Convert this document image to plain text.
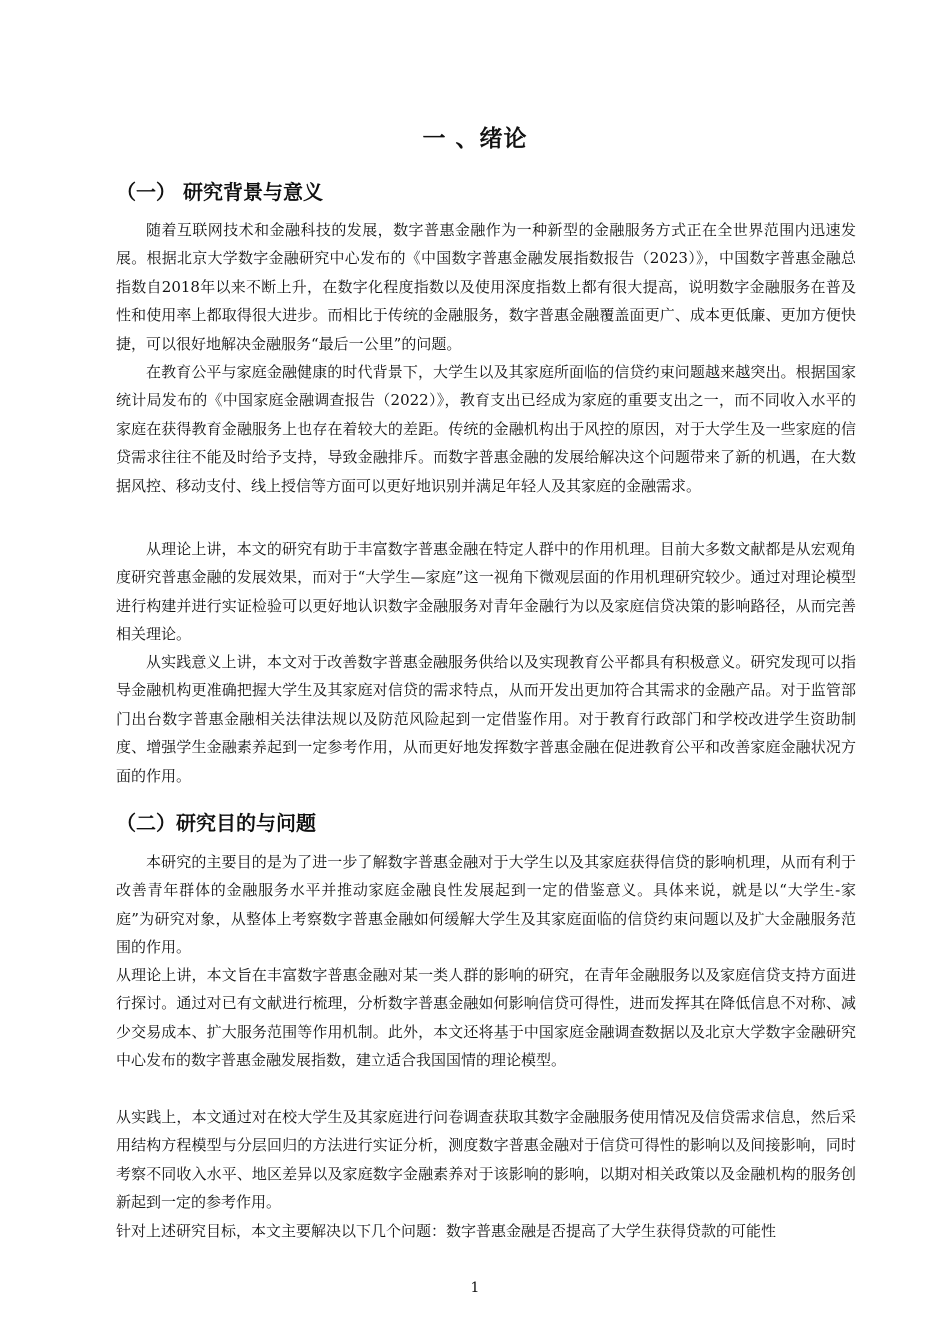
一 、绪论
（一） 研究背景与意义

随着互联网技术和金融科技的发展，数字普惠金融作为一种新型的金融服务方式正在全世界范围内迅速发展。根据北京大学数字金融研究中心发布的《中国数字普惠金融发展指数报告（2023）》，中国数字普惠金融总指数自2018年以来不断上升，在数字化程度指数以及使用深度指数上都有很大提高，说明数字金融服务在普及性和使用率上都取得很大进步。而相比于传统的金融服务，数字普惠金融覆盖面更广、成本更低廉、更加方便快捷，可以很好地解决金融服务“最后一公里”的问题。

在教育公平与家庭金融健康的时代背景下，大学生以及其家庭所面临的信贷约束问题越来越突出。根据国家统计局发布的《中国家庭金融调查报告（2022）》，教育支出已经成为家庭的重要支出之一，而不同收入水平的家庭在获得教育金融服务上也存在着较大的差距。传统的金融机构出于风控的原因，对于大学生及一些家庭的信贷需求往往不能及时给予支持，导致金融排斥。而数字普惠金融的发展给解决这个问题带来了新的机遇，在大数据风控、移动支付、线上授信等方面可以更好地识别并满足年轻人及其家庭的金融需求。

从理论上讲，本文的研究有助于丰富数字普惠金融在特定人群中的作用机理。目前大多数文献都是从宏观角度研究普惠金融的发展效果，而对于“大学生—家庭”这一视角下微观层面的作用机理研究较少。通过对理论模型进行构建并进行实证检验可以更好地认识数字金融服务对青年金融行为以及家庭信贷决策的影响路径，从而完善相关理论。

从实践意义上讲，本文对于改善数字普惠金融服务供给以及实现教育公平都具有积极意义。研究发现可以指导金融机构更准确把握大学生及其家庭对信贷的需求特点，从而开发出更加符合其需求的金融产品。对于监管部门出台数字普惠金融相关法律法规以及防范风险起到一定借鉴作用。对于教育行政部门和学校改进学生资助制度、增强学生金融素养起到一定参考作用，从而更好地发挥数字普惠金融在促进教育公平和改善家庭金融状况方面的作用。

（二）研究目的与问题

本研究的主要目的是为了进一步了解数字普惠金融对于大学生以及其家庭获得信贷的影响机理，从而有利于改善青年群体的金融服务水平并推动家庭金融良性发展起到一定的借鉴意义。具体来说，就是以“大学生-家庭”为研究对象，从整体上考察数字普惠金融如何缓解大学生及其家庭面临的信贷约束问题以及扩大金融服务范围的作用。

从理论上讲，本文旨在丰富数字普惠金融对某一类人群的影响的研究，在青年金融服务以及家庭信贷支持方面进行探讨。通过对已有文献进行梳理，分析数字普惠金融如何影响信贷可得性，进而发挥其在降低信息不对称、减少交易成本、扩大服务范围等作用机制。此外，本文还将基于中国家庭金融调查数据以及北京大学数字金融研究中心发布的数字普惠金融发展指数，建立适合我国国情的理论模型。

从实践上，本文通过对在校大学生及其家庭进行问卷调查获取其数字金融服务使用情况及信贷需求信息，然后采用结构方程模型与分层回归的方法进行实证分析，测度数字普惠金融对于信贷可得性的影响以及间接影响，同时考察不同收入水平、地区差异以及家庭数字金融素养对于该影响的影响，以期对相关政策以及金融机构的服务创新起到一定的参考作用。

针对上述研究目标，本文主要解决以下几个问题：数字普惠金融是否提高了大学生获得贷款的可能性

1
